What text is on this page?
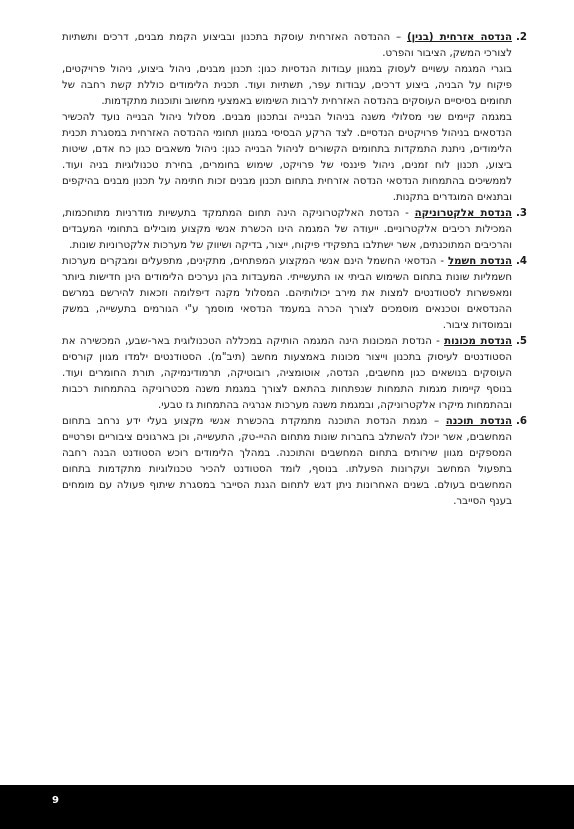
.2

הנדסה אזרחית (בנין) – ההנדסה האזרחית עוסקת בתכנון ובביצוע הקמת מבנים, דרכים ותשתיות לצורכי המשק, הציבור והפרט.

בוגרי המגמה עשויים לעסוק במגוון עבודות הנדסיות כגון: תכנון מבנים, ניהול ביצוע, ניהול פרויקטים, פיקוח על הבניה, ביצוע דרכים, עבודות עפר, תשתיות ועוד. תכנית הלימודים כוללת קשת רחבה של תחומים בסיסיים העוסקים בהנדסה האזרחית לרבות השימוש באמצעי מחשוב ותוכנות מתקדמות.

במגמה קיימים שני מסלולי משנה בניהול הבנייה ובתכנון מבנים. מסלול ניהול הבנייה נועד להכשיר הנדסאים בניהול פרויקטים הנדסיים. לצד הרקע הבסיסי במגוון תחומי ההנדסה האזרחית במסגרת תכנית הלימודים, ניתנת התמקדות בתחומים הקשורים לניהול הבנייה כגון: ניהול משאבים כגון כח אדם, שיטות ביצוע, תכנון לוח זמנים, ניהול פיננסי של פרויקט, שימוש בחומרים, בחירת טכנולוגיות בניה ועוד. לממשיכים בהתמחות הנדסאי הנדסה אזרחית בתחום תכנון מבנים זכות חתימה על תכנון מבנים בהיקפים ובתנאים המוגדרים בתקנות.

.3

הנדסת אלקטרוניקה - הנדסת האלקטרוניקה הינה תחום המתמקד בתעשיות מודרניות מתוחכמות, המכילות רכיבים אלקטרוניים. ייעודה של המגמה הינו הכשרת אנשי מקצוע מובילים בתחומי המעבדים והרכיבים המתוכנתים, אשר ישתלבו בתפקידי פיקוח, ייצור, בדיקה ושיווק של מערכות אלקטרוניות שונות.

.4

הנדסת חשמל - הנדסאי החשמל הינם אנשי המקצוע המפתחים, מתקינים, מתפעלים ומבקרים מערכות חשמליות שונות בתחום השימוש הביתי או התעשייתי. המעבדות בהן נערכים הלימודים הינן חדישות ביותר ומאפשרות לסטודנטים למצות את מירב יכולותיהם. המסלול מקנה דיפלומה וזכאות להירשם במרשם ההנדסאים וטכנאים מוסמכים לצורך הכרה במעמד הנדסאי מוסמך ע"י הגורמים בתעשייה, במשק ובמוסדות ציבור.

.5

הנדסת מכונות - הנדסת המכונות הינה המגמה הותיקה במכללה הטכנולוגית באר-שבע, המכשירה את הסטודנטים לעיסוק בתכנון וייצור מכונות באמצעות מחשב (תיב"מ). הסטודנטים ילמדו מגוון קורסים העוסקים בנושאים כגון מחשבים, הנדסה, אוטומציה, רובוטיקה, תרמודינמיקה, תורת החומרים ועוד. בנוסף קיימות מגמות התמחות שנפתחות בהתאם לצורך במגמת משנה מכטרוניקה בהתמחות רכבות ובהתמחות מיקרו אלקטרוניקה, ובמגמת משנה מערכות אנרגיה בהתמחות גז טבעי.

.6

הנדסת תוכנה – מגמת הנדסת התוכנה מתמקדת בהכשרת אנשי מקצוע בעלי ידע נרחב בתחום המחשבים, אשר יוכלו להשתלב בחברות שונות מתחום ההיי-טק, התעשייה, וכן בארגונים ציבוריים ופרטיים המספקים מגוון שירותים בתחום המחשבים והתוכנה. במהלך הלימודים רוכש הסטודנט הבנה רחבה בתפעול המחשב ועקרונות הפעלתו. בנוסף, לומד הסטודנט להכיר טכנולוגיות מתקדמות בתחום המחשבים בעולם. בשנים האחרונות ניתן דגש לתחום הגנת הסייבר במסגרת שיתוף פעולה עם מומחים בענף הסייבר.

9
